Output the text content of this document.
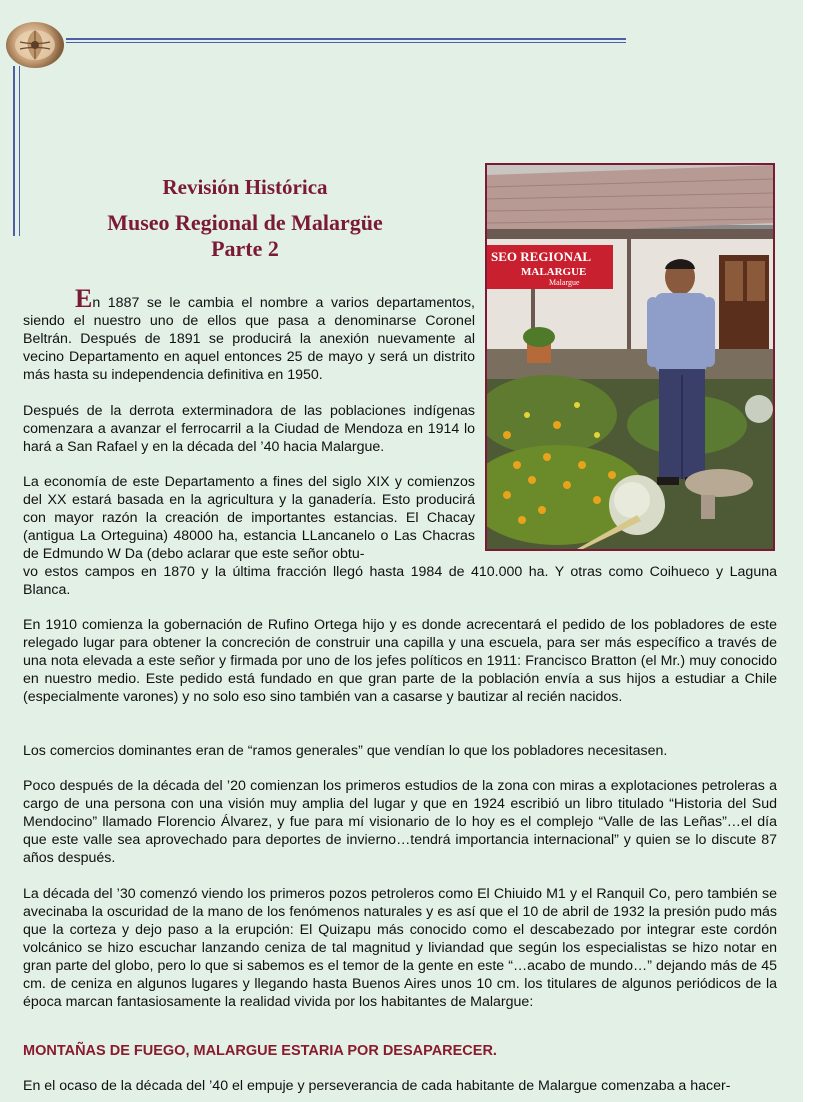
Revisión Histórica
Museo Regional de Malargüe
Parte 2	SEO REGIONAL
MALARGUE
Malargue

En 1887 se le cambia el nombre a varios departamentos, siendo el nuestro uno de ellos que pasa a denominarse Coronel Beltrán. Después de 1891 se producirá la anexión nuevamente al vecino Departamento en aquel entonces 25 de mayo y será un distrito más hasta su independencia definitiva en 1950.

Después de la derrota exterminadora de las poblaciones indígenas comenzara a avanzar el ferrocarril a la Ciudad de Mendoza en 1914 lo hará a San Rafael y en la década del ’40 hacia Malargue.

La economía de este Departamento a fines del siglo XIX y comienzos del XX estará basada en la agricultura y la ganadería. Esto producirá con mayor razón la creación de importantes estancias. El Chacay (antigua La Orteguina) 48000 ha, estancia LLancanelo o Las Chacras de Edmundo W Da (debo aclarar que este señor obtu-

vo estos campos en 1870 y la última fracción llegó hasta 1984 de 410.000 ha. Y otras como Coihueco y Laguna Blanca.

En 1910 comienza la gobernación de Rufino Ortega hijo y es donde acrecentará el pedido de los pobladores de este relegado lugar para obtener la concreción de construir una capilla y una escuela, para ser más específico a través de una nota elevada a este señor y firmada por uno de los jefes políticos en 1911: Francisco Bratton (el Mr.) muy conocido en nuestro medio. Este pedido está fundado en que gran parte de la población envía a sus hijos a estudiar a Chile (especialmente varones) y no solo eso sino también van a casarse y bautizar al recién nacidos.

Los comercios dominantes eran de “ramos generales” que vendían lo que los pobladores necesitasen.

Poco después de la década del ’20 comienzan los primeros estudios de la zona con miras a explotaciones petroleras a cargo de una persona con una visión muy amplia del lugar y que en 1924 escribió un libro titulado “Historia del Sud Mendocino” llamado Florencio Álvarez, y fue para mí visionario de lo hoy es el complejo “Valle de las Leñas”…el día que este valle sea aprovechado para deportes de invierno…tendrá importancia internacional” y quien se lo discute 87 años después.

La década del ’30 comenzó viendo los primeros pozos petroleros como El Chiuido M1 y el Ranquil Co, pero también se avecinaba la oscuridad de la mano de los fenómenos naturales y es así que el 10 de abril de 1932 la presión pudo más que la corteza y dejo paso a la erupción: El Quizapu más conocido como el descabezado por integrar este cordón volcánico se hizo escuchar lanzando ceniza de tal magnitud y liviandad que según los especialistas se hizo notar en gran parte del globo, pero lo que si sabemos es el temor de la gente en este “…acabo de mundo…” dejando más de 45 cm. de ceniza en algunos lugares y llegando hasta Buenos Aires unos 10 cm. los titulares de algunos periódicos de la época marcan fantasiosamente la realidad vivida por los habitantes de Malargue:

MONTAÑAS DE FUEGO, MALARGUE ESTARIA POR DESAPARECER.

En el ocaso de la década del ’40 el empuje y perseverancia de cada habitante de Malargue comenzaba a hacer-
